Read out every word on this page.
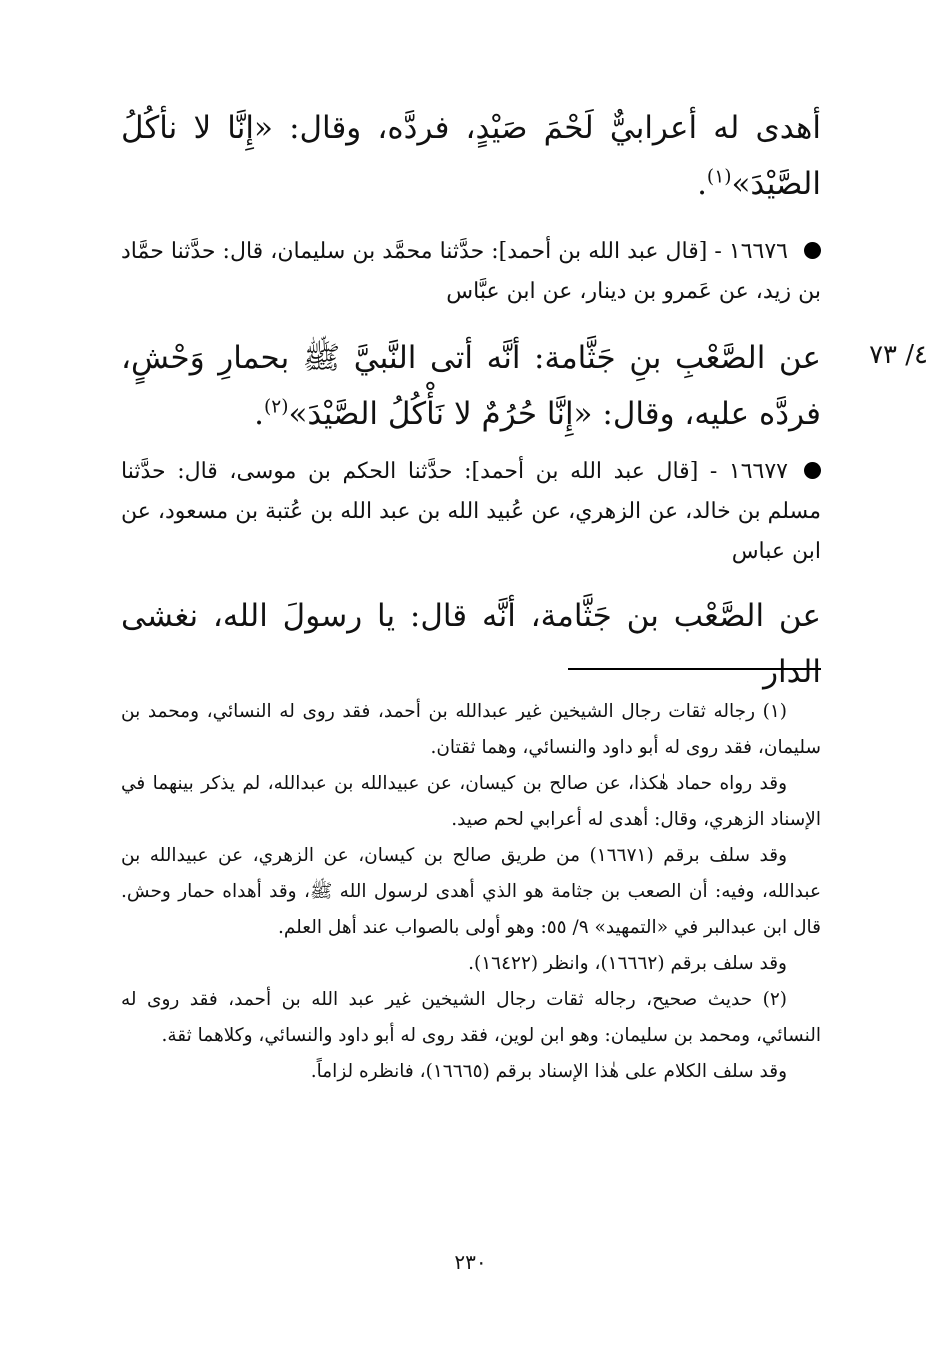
أهدى له أعرابيٌّ لَحْمَ صَيْدٍ، فردَّه، وقال: «إِنَّا لا نأكُلُ الصَّيْدَ»$^{(١)}$.
١٦٦٧٦ - [قال عبد الله بن أحمد]: حدَّثنا محمَّد بن سليمان، قال: حدَّثنا حمَّاد بن زيد، عن عَمرو بن دينار، عن ابن عبَّاس
٤/ ٧٣
عن الصَّعْبِ بنِ جَثَّامة: أنَّه أتى النَّبيَّ ﷺ بحمارِ وَحْشٍ، فردَّه عليه، وقال: «إِنَّا حُرُمٌ لا نَأْكُلُ الصَّيْدَ»$^{(٢)}$.
١٦٦٧٧ - [قال عبد الله بن أحمد]: حدَّثنا الحكم بن موسى، قال: حدَّثنا مسلم بن خالد، عن الزهري، عن عُبيد الله بن عبد الله بن عُتبة بن مسعود، عن ابن عباس
عن الصَّعْب بن جَثَّامة، أنَّه قال: يا رسولَ الله، نغشى الدار
(١) رجاله ثقات رجال الشيخين غير عبدالله بن أحمد، فقد روى له النسائي، ومحمد بن سليمان، فقد روى له أبو داود والنسائي، وهما ثقتان.
وقد رواه حماد هٰكذا، عن صالح بن كيسان، عن عبيدالله بن عبدالله، لم يذكر بينهما في الإسناد الزهري، وقال: أهدى له أعرابي لحم صيد.
وقد سلف برقم (١٦٦٧١) من طريق صالح بن كيسان، عن الزهري، عن عبيدالله بن عبدالله، وفيه: أن الصعب بن جثامة هو الذي أهدى لرسول الله ﷺ، وقد أهداه حمار وحش. قال ابن عبدالبر في «التمهيد» ٩/ ٥٥: وهو أولى بالصواب عند أهل العلم.
وقد سلف برقم (١٦٦٦٢)، وانظر (١٦٤٢٢).
(٢) حديث صحيح، رجاله ثقات رجال الشيخين غير عبد الله بن أحمد، فقد روى له النسائي، ومحمد بن سليمان: وهو ابن لوين، فقد روى له أبو داود والنسائي، وكلاهما ثقة.
وقد سلف الكلام على هٰذا الإسناد برقم (١٦٦٦٥)، فانظره لزاماً.
٢٣٠
